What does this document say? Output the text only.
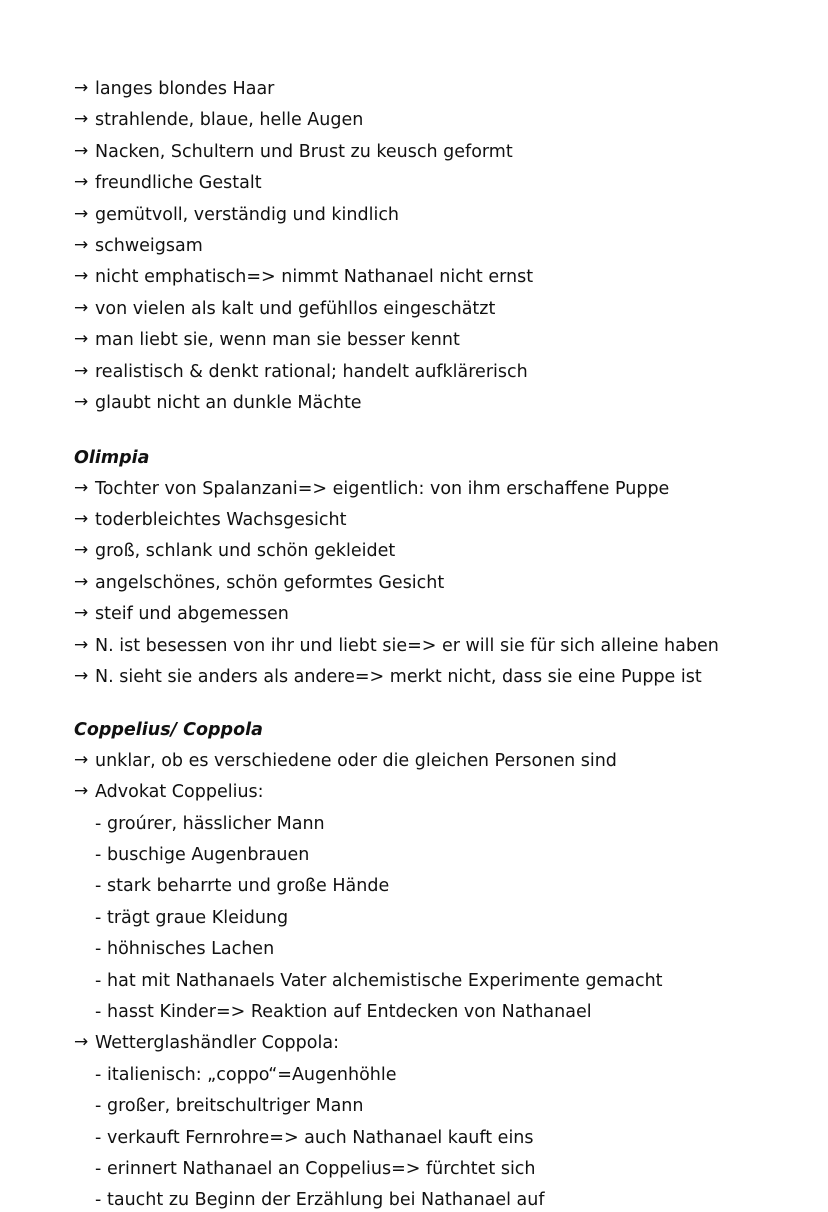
→ langes blondes Haar
→ strahlende, blaue, helle Augen
→ Nacken, Schultern und Brust zu keusch geformt
→ freundliche Gestalt
→ gemütvoll, verständig und kindlich
→ schweigsam
→ nicht emphatisch=> nimmt Nathanael nicht ernst
→ von vielen als kalt und gefühllos eingeschätzt
→ man liebt sie, wenn man sie besser kennt
→ realistisch & denkt rational; handelt aufklärerisch
→ glaubt nicht an dunkle Mächte
Olimpia
→ Tochter von Spalanzani=> eigentlich: von ihm erschaffene Puppe
→ toderbleichtes Wachsgesicht
→ groß, schlank und schön gekleidet
→ angelschönes, schön geformtes Gesicht
→ steif und abgemessen
→ N. ist besessen von ihr und liebt sie=> er will sie für sich alleine haben
→ N. sieht sie anders als andere=> merkt nicht, dass sie eine Puppe ist
Coppelius/ Coppola
→ unklar, ob es verschiedene oder die gleichen Personen sind
→ Advokat Coppelius:
- groúrer, hässlicher Mann
- buschige Augenbrauen
- stark beharrte und große Hände
- trägt graue Kleidung
- höhnisches Lachen
- hat mit Nathanaels Vater alchemistische Experimente gemacht
- hasst Kinder=> Reaktion auf Entdecken von Nathanael
→ Wetterglashändler Coppola:
- italienisch: „coppo“=Augenhöhle
- großer, breitschultriger Mann
- verkauft Fernrohre=> auch Nathanael kauft eins
- erinnert Nathanael an Coppelius=> fürchtet sich
- taucht zu Beginn der Erzählung bei Nathanael auf
